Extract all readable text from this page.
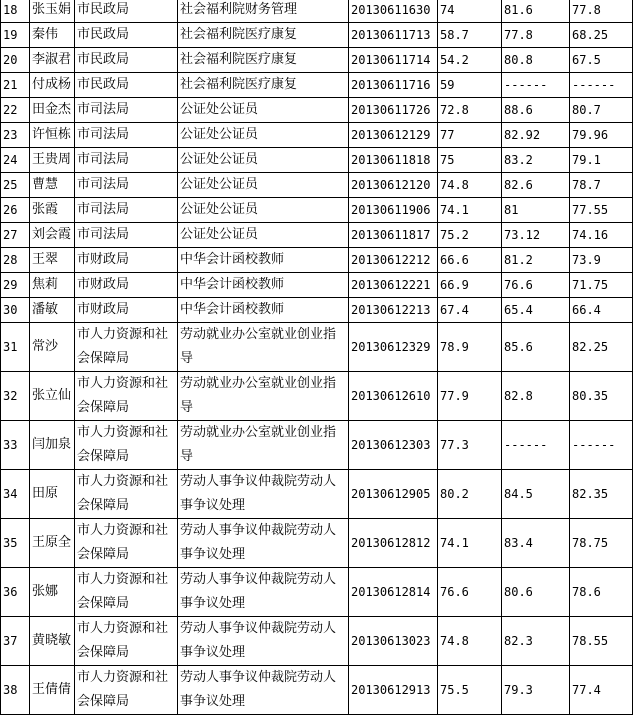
18	张玉娟	市民政局	社会福利院财务管理	20130611630	74	81.6	77.8
19	秦伟	市民政局	社会福利院医疗康复	20130611713	58.7	77.8	68.25
20	李淑君	市民政局	社会福利院医疗康复	20130611714	54.2	80.8	67.5
21	付成杨	市民政局	社会福利院医疗康复	20130611716	59	------	------
22	田金杰	市司法局	公证处公证员	20130611726	72.8	88.6	80.7
23	许恒栋	市司法局	公证处公证员	20130612129	77	82.92	79.96
24	王贵周	市司法局	公证处公证员	20130611818	75	83.2	79.1
25	曹慧	市司法局	公证处公证员	20130612120	74.8	82.6	78.7
26	张霞	市司法局	公证处公证员	20130611906	74.1	81	77.55
27	刘会霞	市司法局	公证处公证员	20130611817	75.2	73.12	74.16
28	王翠	市财政局	中华会计函校教师	20130612212	66.6	81.2	73.9
29	焦莉	市财政局	中华会计函校教师	20130612221	66.9	76.6	71.75
30	潘敏	市财政局	中华会计函校教师	20130612213	67.4	65.4	66.4
31	常沙	市人力资源和社会保障局	劳动就业办公室就业创业指导	20130612329	78.9	85.6	82.25
32	张立仙	市人力资源和社会保障局	劳动就业办公室就业创业指导	20130612610	77.9	82.8	80.35
33	闫加泉	市人力资源和社会保障局	劳动就业办公室就业创业指导	20130612303	77.3	------	------
34	田原	市人力资源和社会保障局	劳动人事争议仲裁院劳动人事争议处理	20130612905	80.2	84.5	82.35
35	王原全	市人力资源和社会保障局	劳动人事争议仲裁院劳动人事争议处理	20130612812	74.1	83.4	78.75
36	张娜	市人力资源和社会保障局	劳动人事争议仲裁院劳动人事争议处理	20130612814	76.6	80.6	78.6
37	黄晓敏	市人力资源和社会保障局	劳动人事争议仲裁院劳动人事争议处理	20130613023	74.8	82.3	78.55
38	王倩倩	市人力资源和社会保障局	劳动人事争议仲裁院劳动人事争议处理	20130612913	75.5	79.3	77.4
